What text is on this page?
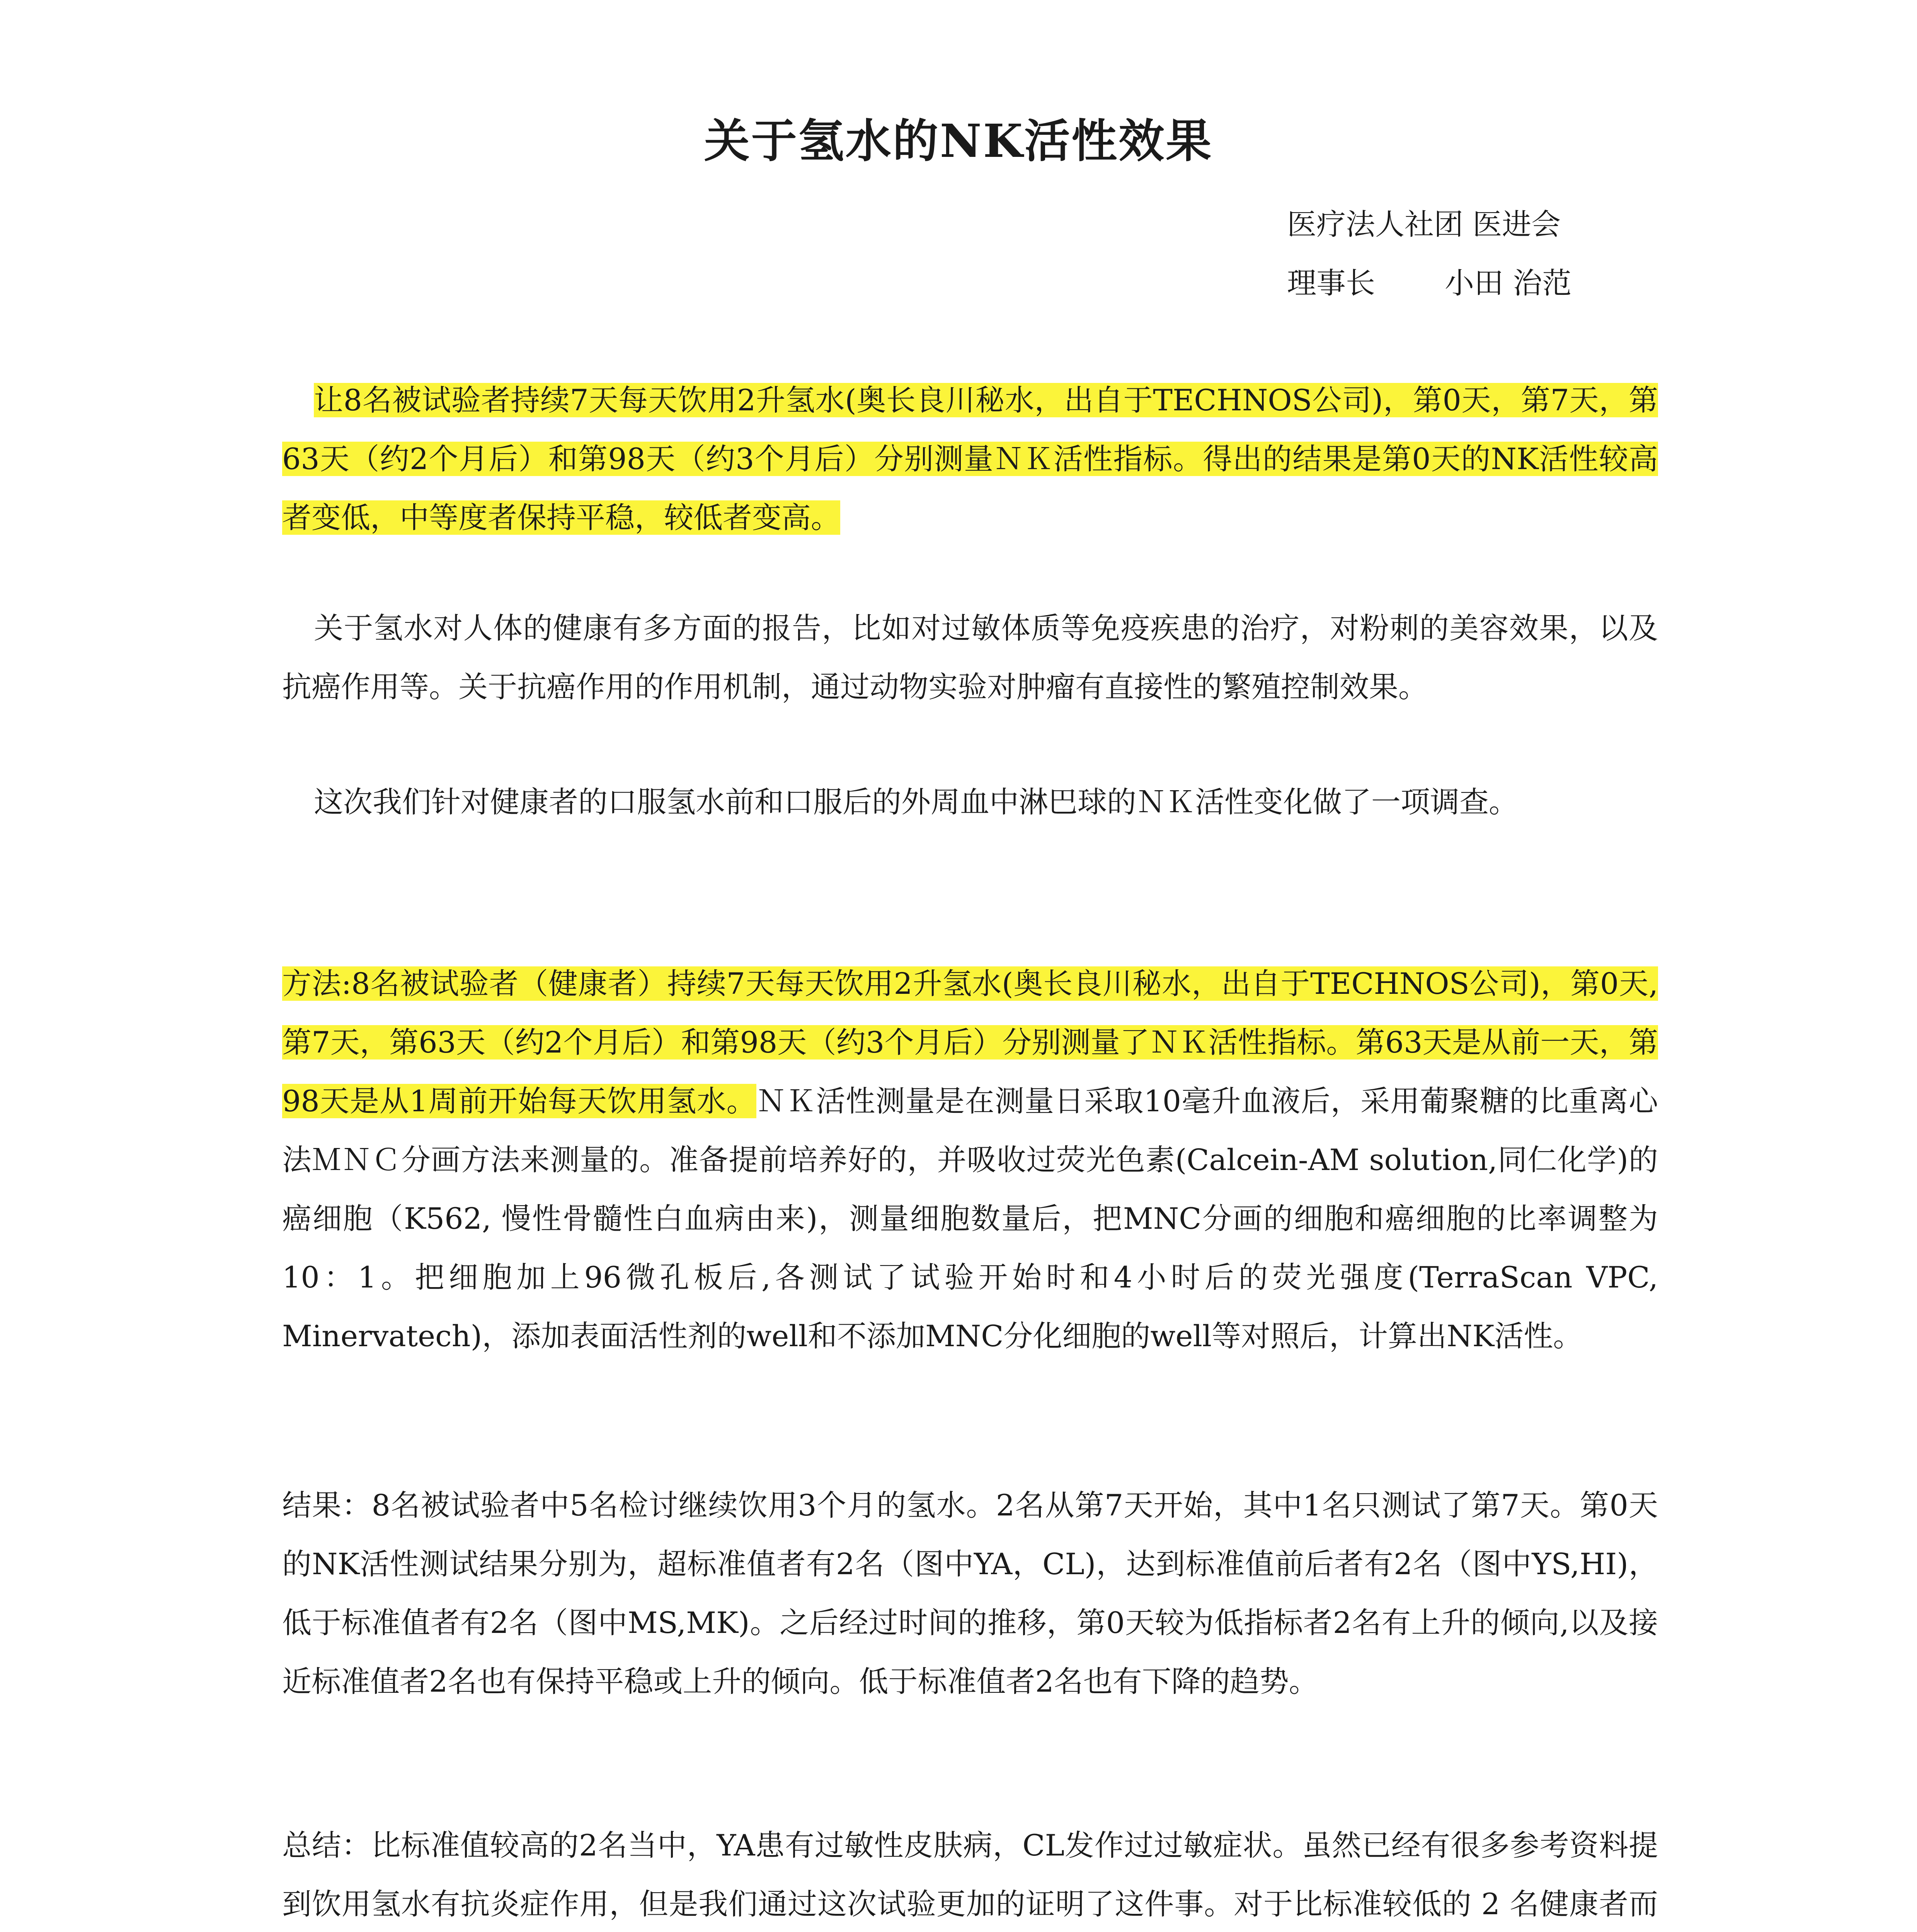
关于氢水的NK活性效果
医疗法人社团 医进会
理事长 小田 治范

让8名被试验者持续7天每天饮用2升氢水(奥长良川秘水，出自于TECHNOS公司)，第0天，第7天，第63天（约2个月后）和第98天（约3个月后）分别测量ＮＫ活性指标。得出的结果是第0天的NK活性较高者变低，中等度者保持平稳，较低者变高。

关于氢水对人体的健康有多方面的报告，比如对过敏体质等免疫疾患的治疗，对粉刺的美容效果，以及抗癌作用等。关于抗癌作用的作用机制，通过动物实验对肿瘤有直接性的繁殖控制效果。

这次我们针对健康者的口服氢水前和口服后的外周血中淋巴球的ＮＫ活性变化做了一项调查。

方法:8名被试验者（健康者）持续7天每天饮用2升氢水(奥长良川秘水，出自于TECHNOS公司)，第0天,第7天，第63天（约2个月后）和第98天（约3个月后）分别测量了ＮＫ活性指标。第63天是从前一天，第98天是从1周前开始每天饮用氢水。ＮＫ活性测量是在测量日采取10毫升血液后，采用葡聚糖的比重离心法ＭＮＣ分画方法来测量的。准备提前培养好的，并吸收过荧光色素(Calcein-AM solution,同仁化学)的癌细胞（K562, 慢性骨髓性白血病由来)，测量细胞数量后，把MNC分画的细胞和癌细胞的比率调整为10：1。把细胞加上96微孔板后,各测试了试验开始时和4小时后的荧光强度(TerraScan VPC, Minervatech)，添加表面活性剂的well和不添加MNC分化细胞的well等对照后，计算出NK活性。

结果：8名被试验者中5名检讨继续饮用3个月的氢水。2名从第7天开始，其中1名只测试了第7天。第0天的NK活性测试结果分别为，超标准值者有2名（图中YA，CL)，达到标准值前后者有2名（图中YS,HI)，低于标准值者有2名（图中MS,MK)。之后经过时间的推移，第0天较为低指标者2名有上升的倾向,以及接近标准值者2名也有保持平稳或上升的倾向。低于标准值者2名也有下降的趋势。

总结：比标准值较高的2名当中，YA患有过敏性皮肤病，CL发作过过敏症状。虽然已经有很多参考资料提到饮用氢水有抗炎症作用，但是我们通过这次试验更加的证明了这件事。对于比标准较低的 2 名健康者而
